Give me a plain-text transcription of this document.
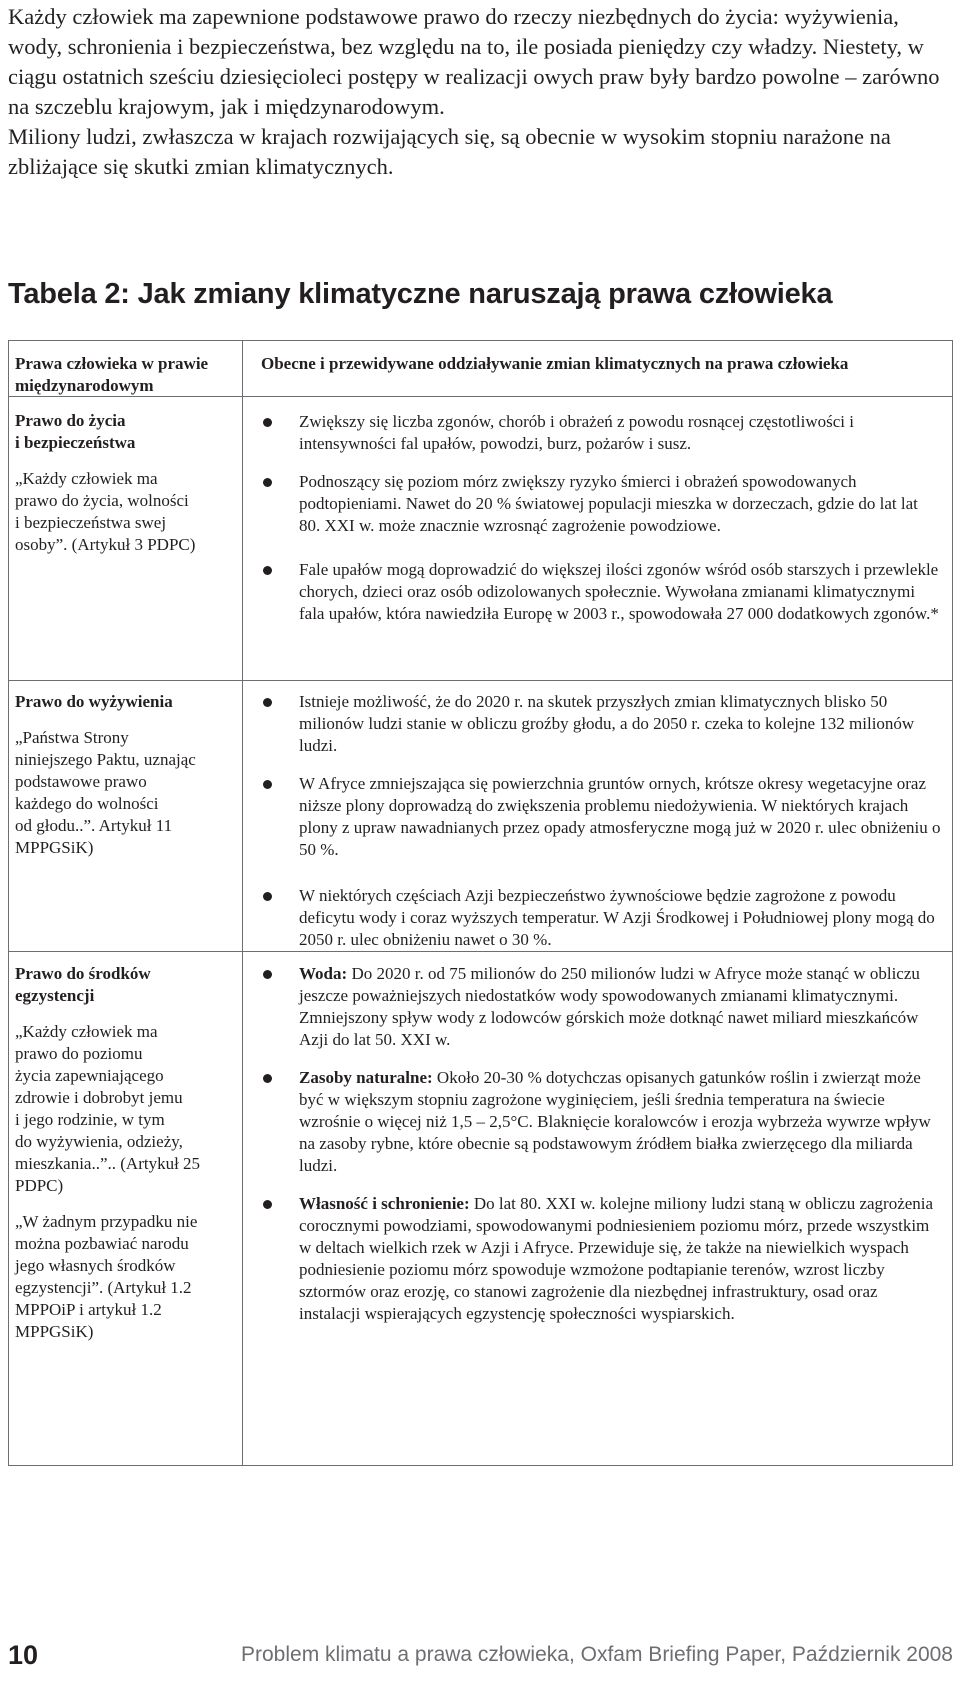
Każdy człowiek ma zapewnione podstawowe prawo do rzeczy niezbędnych do życia: wyżywienia, wody, schronienia i bezpieczeństwa, bez względu na to, ile posiada pieniędzy czy władzy. Niestety, w ciągu ostatnich sześciu dziesięcioleci postępy w realizacji owych praw były bardzo powolne – zarówno na szczeblu krajowym, jak i międzynarodowym.

Miliony ludzi, zwłaszcza w krajach rozwijających się, są obecnie w wysokim stopniu narażone na zbliżające się skutki zmian klimatycznych.

Tabela 2: Jak zmiany klimatyczne naruszają prawa człowieka
Prawa człowieka w prawie międzynarodowym
Obecne i przewidywane oddziaływanie zmian klimatycznych na prawa człowieka

Prawo do życia
i bezpieczeństwa

„Każdy człowiek ma
prawo do życia, wolności
i bezpieczeństwa swej
osoby”. (Artykuł 3 PDPC)

Zwiększy się liczba zgonów, chorób i obrażeń z powodu rosnącej częstotliwości i intensywności fal upałów, powodzi, burz, pożarów i susz.
Podnoszący się poziom mórz zwiększy ryzyko śmierci i obrażeń spowodowanych podtopieniami. Nawet do 20 % światowej populacji mieszka w dorzeczach, gdzie do lat lat 80. XXI w. może znacznie wzrosnąć zagrożenie powodziowe.
Fale upałów mogą doprowadzić do większej ilości zgonów wśród osób starszych i przewlekle chorych, dzieci oraz osób odizolowanych społecznie. Wywołana zmianami klimatycznymi fala upałów, która nawiedziła Europę w 2003 r., spowodowała 27 000 dodatkowych zgonów.*

Prawo do wyżywienia

„Państwa Strony
niniejszego Paktu, uznając
podstawowe prawo
każdego do wolności
od głodu..”. Artykuł 11
MPPGSiK)

Istnieje możliwość, że do 2020 r. na skutek przyszłych zmian klimatycznych blisko 50 milionów ludzi stanie w obliczu groźby głodu, a do 2050 r. czeka to kolejne 132 milionów ludzi.
W Afryce zmniejszająca się powierzchnia gruntów ornych, krótsze okresy wegetacyjne oraz niższe plony doprowadzą do zwiększenia problemu niedożywienia. W niektórych krajach plony z upraw nawadnianych przez opady atmosferyczne mogą już w 2020 r. ulec obniżeniu o 50 %.
W niektórych częściach Azji bezpieczeństwo żywnościowe będzie zagrożone z powodu deficytu wody i coraz wyższych temperatur. W Azji Środkowej i Południowej plony mogą do 2050 r. ulec obniżeniu nawet o 30 %.

Prawo do środków
egzystencji

„Każdy człowiek ma
prawo do poziomu
życia zapewniającego
zdrowie i dobrobyt jemu
i jego rodzinie, w tym
do wyżywienia, odzieży,
mieszkania..”.. (Artykuł 25
PDPC)

„W żadnym przypadku nie
można pozbawiać narodu
jego własnych środków
egzystencji”. (Artykuł 1.2
MPPOiP i artykuł 1.2
MPPGSiK)

Woda: Do 2020 r. od 75 milionów do 250 milionów ludzi w Afryce może stanąć w obliczu jeszcze poważniejszych niedostatków wody spowodowanych zmianami klimatycznymi. Zmniejszony spływ wody z lodowców górskich może dotknąć nawet miliard mieszkańców Azji do lat 50. XXI w.
Zasoby naturalne: Około 20-30 % dotychczas opisanych gatunków roślin i zwierząt może być w większym stopniu zagrożone wyginięciem, jeśli średnia temperatura na świecie wzrośnie o więcej niż 1,5 – 2,5°C. Blaknięcie koralowców i erozja wybrzeża wywrze wpływ na zasoby rybne, które obecnie są podstawowym źródłem białka zwierzęcego dla miliarda ludzi.
Własność i schronienie: Do lat 80. XXI w. kolejne miliony ludzi staną w obliczu zagrożenia corocznymi powodziami, spowodowanymi podniesieniem poziomu mórz, przede wszystkim w deltach wielkich rzek w Azji i Afryce. Przewiduje się, że także na niewielkich wyspach podniesienie poziomu mórz spowoduje wzmożone podtapianie terenów, wzrost liczby sztormów oraz erozję, co stanowi zagrożenie dla niezbędnej infrastruktury, osad oraz instalacji wspierających egzystencję społeczności wyspiarskich.
10	Problem klimatu a prawa człowieka, Oxfam Briefing Paper, Październik 2008
